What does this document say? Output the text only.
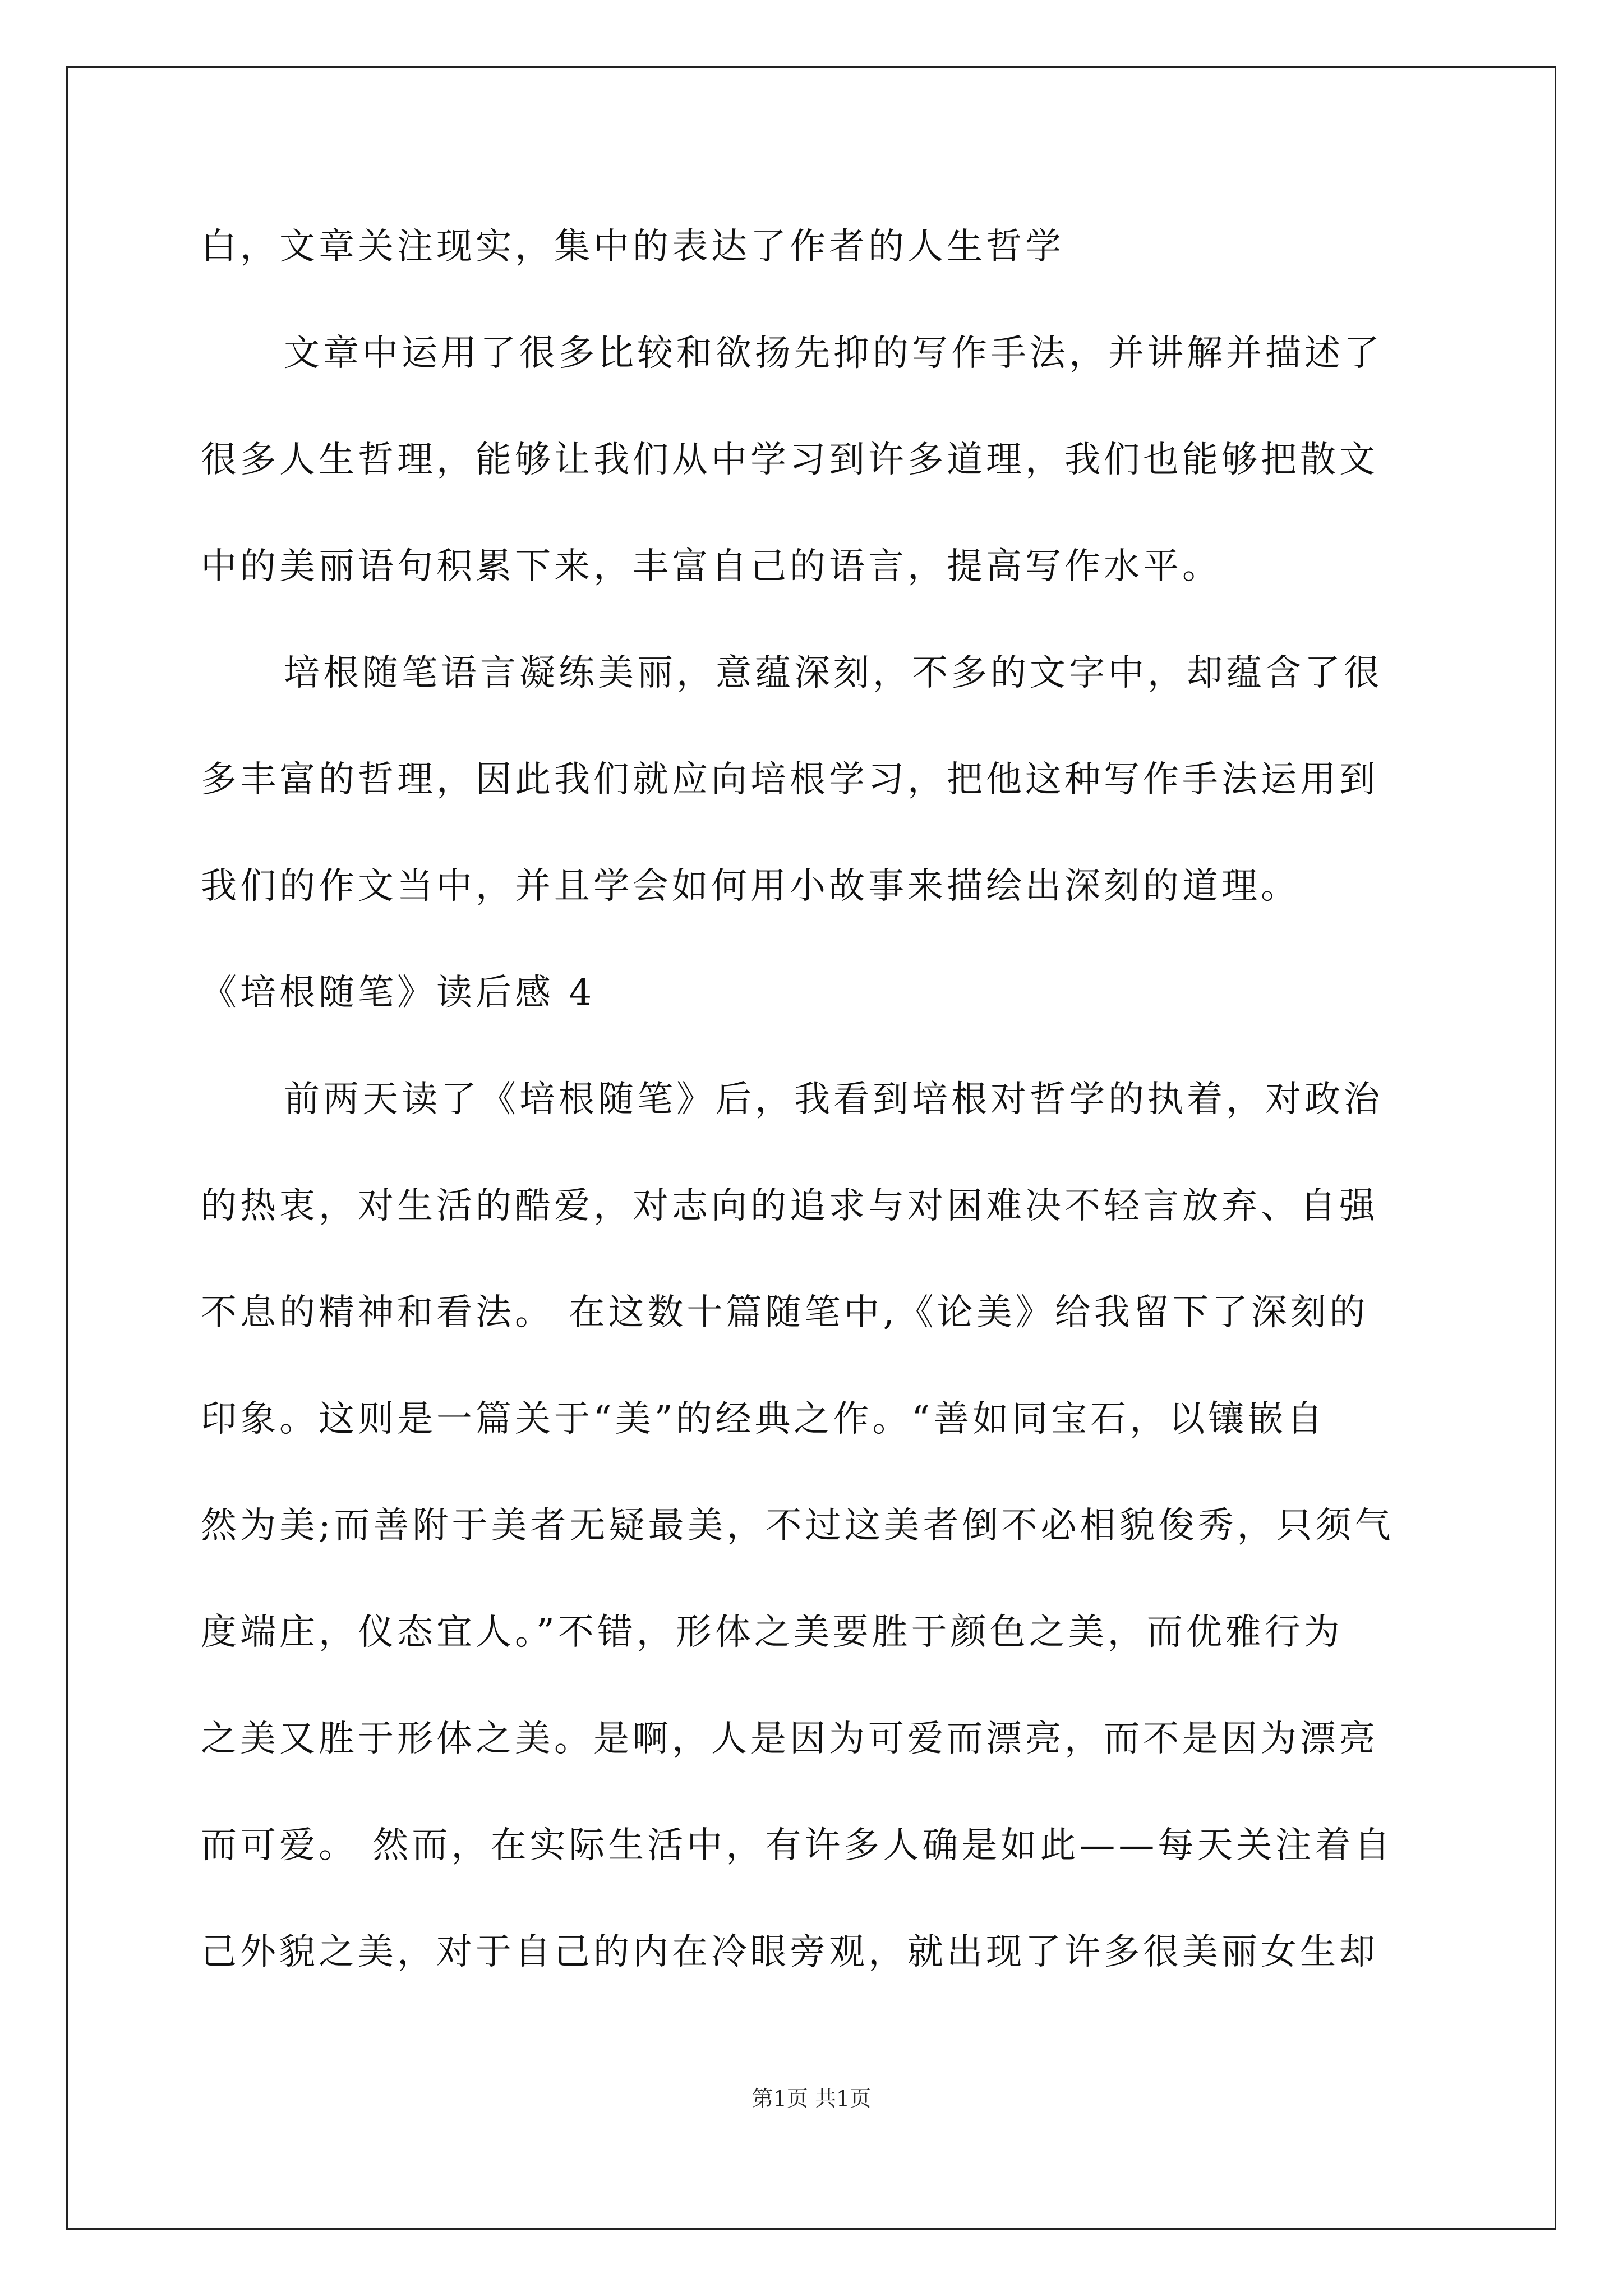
白，文章关注现实，集中的表达了作者的人生哲学
文章中运用了很多比较和欲扬先抑的写作手法，并讲解并描述了
很多人生哲理，能够让我们从中学习到许多道理，我们也能够把散文
中的美丽语句积累下来，丰富自己的语言，提高写作水平。
培根随笔语言凝练美丽，意蕴深刻，不多的文字中，却蕴含了很
多丰富的哲理，因此我们就应向培根学习，把他这种写作手法运用到
我们的作文当中，并且学会如何用小故事来描绘出深刻的道理。
《培根随笔》读后感 4
前两天读了《培根随笔》后，我看到培根对哲学的执着，对政治
的热衷，对生活的酷爱，对志向的追求与对困难决不轻言放弃、自强
不息的精神和看法。 在这数十篇随笔中,《论美》给我留下了深刻的
印象。这则是一篇关于“美”的经典之作。“善如同宝石，以镶嵌自
然为美;而善附于美者无疑最美，不过这美者倒不必相貌俊秀，只须气
度端庄，仪态宜人。”不错，形体之美要胜于颜色之美，而优雅行为
之美又胜于形体之美。是啊，人是因为可爱而漂亮，而不是因为漂亮
而可爱。 然而，在实际生活中，有许多人确是如此——每天关注着自
己外貌之美，对于自己的内在冷眼旁观，就出现了许多很美丽女生却
第1页 共1页
